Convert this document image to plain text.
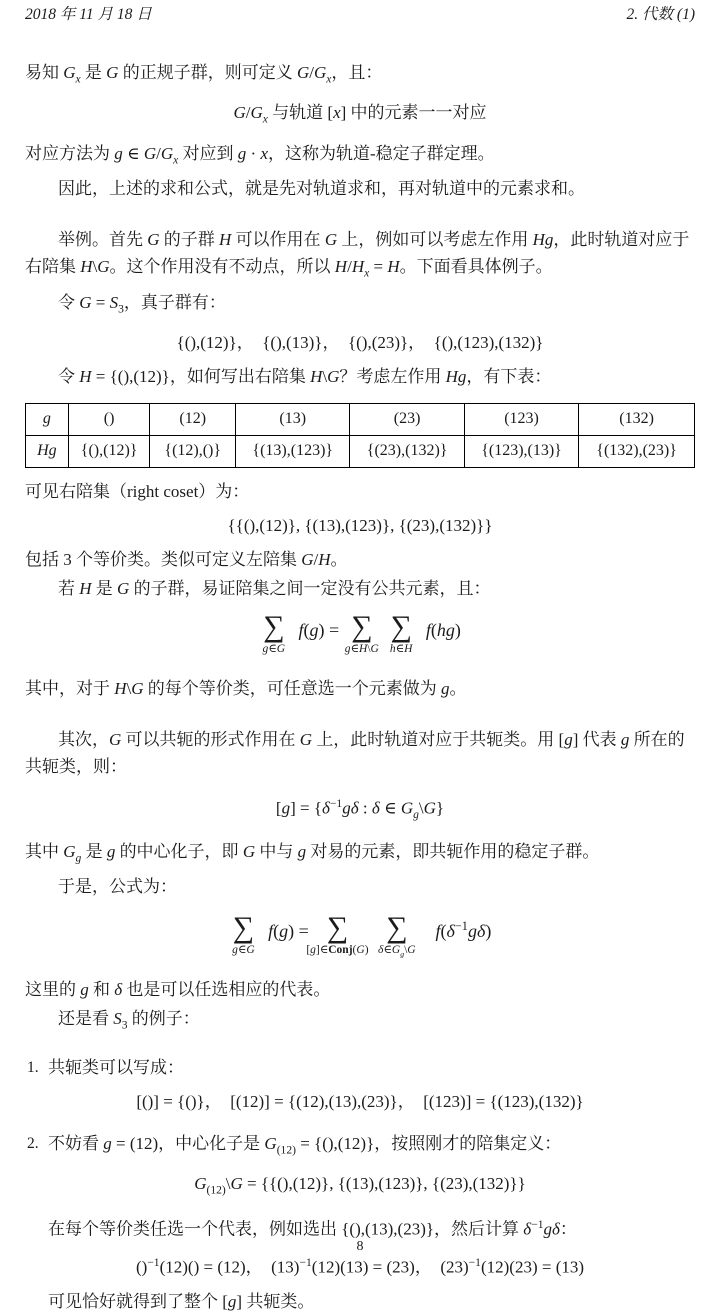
2018 年 11 月 18 日	2. 代数 (1)
易知 $G_x$ 是 G 的正规子群，则可定义 $G/G_x$，且：
$G/G_x$ 与轨道 [x] 中的元素一一对应
对应方法为 g ∈ $G/G_x$ 对应到 g · x，这称为轨道-稳定子群定理。
因此，上述的求和公式，就是先对轨道求和，再对轨道中的元素求和。
举例。首先 G 的子群 H 可以作用在 G 上，例如可以考虑左作用 Hg，此时轨道对应于右陪集 H\G。这个作用没有不动点，所以 $H/H_x = H$。下面看具体例子。
令 $G = S_3$，真子群有：
{(),(12)}， {(),(13)}， {(),(23)}， {(),(123),(132)}
令 H = {(),(12)}，如何写出右陪集 H\G？考虑左作用 Hg，有下表：
g	()	(12)	(13)	(23)	(123)	(132)
Hg	{(),(12)}	{(12),()}	{(13),(123)}	{(23),(132)}	{(123),(13)}	{(132),(23)}
可见右陪集（right coset）为：
{{(),(12)}, {(13),(123)}, {(23),(132)}}
包括 3 个等价类。类似可定义左陪集 G/H。
若 H 是 G 的子群，易证陪集之间一定没有公共元素，且：
∑
g∈G
f(g) = ∑
g∈H\G
∑
h∈H
f(hg)
其中，对于 H\G 的每个等价类，可任意选一个元素做为 g。
其次，G 可以共轭的形式作用在 G 上，此时轨道对应于共轭类。用 [g] 代表 g 所在的共轭类，则：
$[g] = \{\delta^{-1}g\delta$ : δ ∈ $G_g\backslash G$}
其中 $G_g$ 是 g 的中心化子，即 G 中与 g 对易的元素，即共轭作用的稳定子群。
于是，公式为：
∑
g∈G
f(g) = ∑
[g]∈Conj(G)
∑
$\delta\in G_g\backslash G$
$f(\delta^{-1}g\delta)$
这里的 g 和 δ 也是可以任选相应的代表。
还是看 $S_3$ 的例子：
1. 共轭类可以写成：
[()] = {()}， [(12)] = {(12),(13),(23)}， [(123)] = {(123),(132)}
2. 不妨看 g = (12)，中心化子是 $G_{(12)} = \{(),(12)\}$，按照刚才的陪集定义：
$G_{(12)}\backslash G = \{\{(),(12)\}$, {(13),(123)}, {(23),(132)}}
在每个等价类任选一个代表，例如选出 {(),(13),(23)}，然后计算 $\delta^{-1}g\delta$：
()$^{-1}$(12)() = (12)， $(13)^{-1}(12)(13) = (23)$， $(23)^{-1}(12)(23) = (13)$
可见恰好就得到了整个 [g] 共轭类。
8
